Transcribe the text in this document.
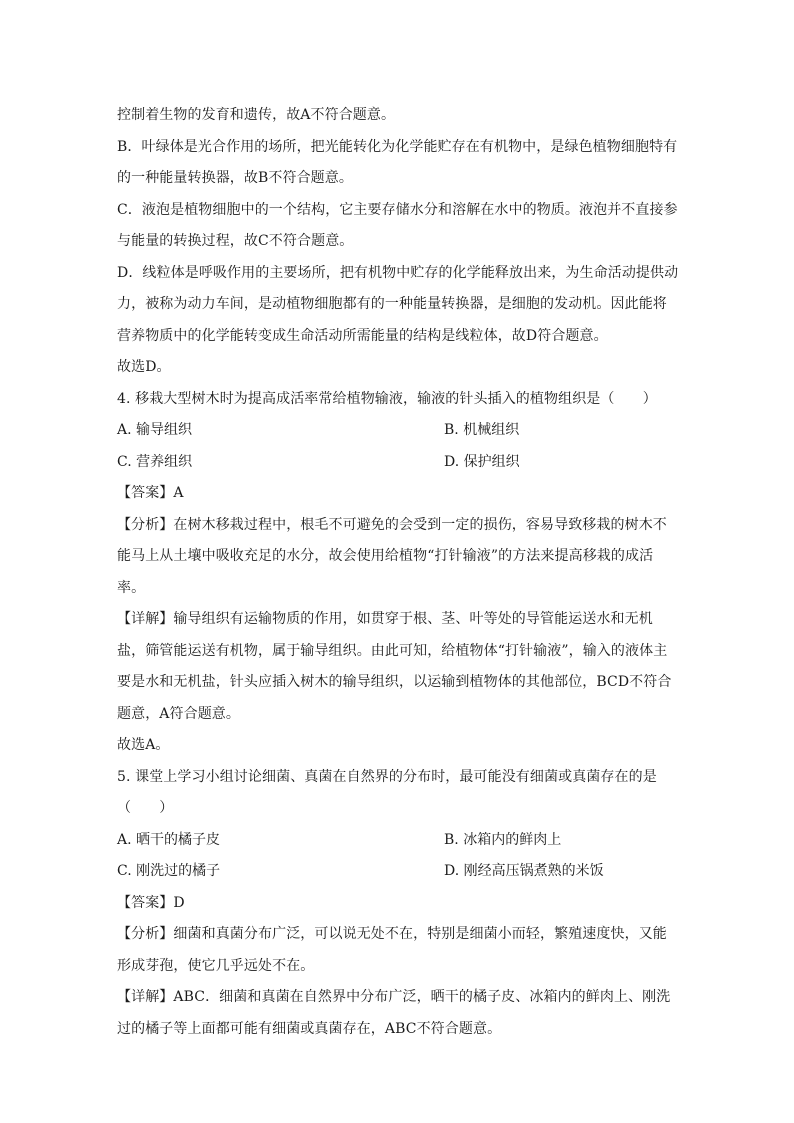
控制着生物的发育和遗传，故A不符合题意。
B．叶绿体是光合作用的场所，把光能转化为化学能贮存在有机物中，是绿色植物细胞特有
的一种能量转换器，故B不符合题意。
C．液泡是植物细胞中的一个结构，它主要存储水分和溶解在水中的物质。液泡并不直接参
与能量的转换过程，故C不符合题意。
D．线粒体是呼吸作用的主要场所，把有机物中贮存的化学能释放出来，为生命活动提供动
力，被称为动力车间，是动植物细胞都有的一种能量转换器，是细胞的发动机。因此能将
营养物质中的化学能转变成生命活动所需能量的结构是线粒体，故D符合题意。
故选D。
4. 移栽大型树木时为提高成活率常给植物输液，输液的针头插入的植物组织是（　　）
A. 输导组织	B. 机械组织
C. 营养组织	D. 保护组织
【答案】A
【分析】在树木移栽过程中，根毛不可避免的会受到一定的损伤，容易导致移栽的树木不
能马上从土壤中吸收充足的水分，故会使用给植物“打针输液”的方法来提高移栽的成活
率。
【详解】输导组织有运输物质的作用，如贯穿于根、茎、叶等处的导管能运送水和无机
盐，筛管能运送有机物，属于输导组织。由此可知，给植物体“打针输液”，输入的液体主
要是水和无机盐，针头应插入树木的输导组织，以运输到植物体的其他部位，BCD不符合
题意，A符合题意。
故选A。
5. 课堂上学习小组讨论细菌、真菌在自然界的分布时，最可能没有细菌或真菌存在的是
（　　）
A. 晒干的橘子皮	B. 冰箱内的鲜肉上
C. 刚洗过的橘子	D. 刚经高压锅煮熟的米饭
【答案】D
【分析】细菌和真菌分布广泛，可以说无处不在，特别是细菌小而轻，繁殖速度快，又能
形成芽孢，使它几乎远处不在。
【详解】ABC．细菌和真菌在自然界中分布广泛，晒干的橘子皮、冰箱内的鲜肉上、刚洗
过的橘子等上面都可能有细菌或真菌存在，ABC不符合题意。
